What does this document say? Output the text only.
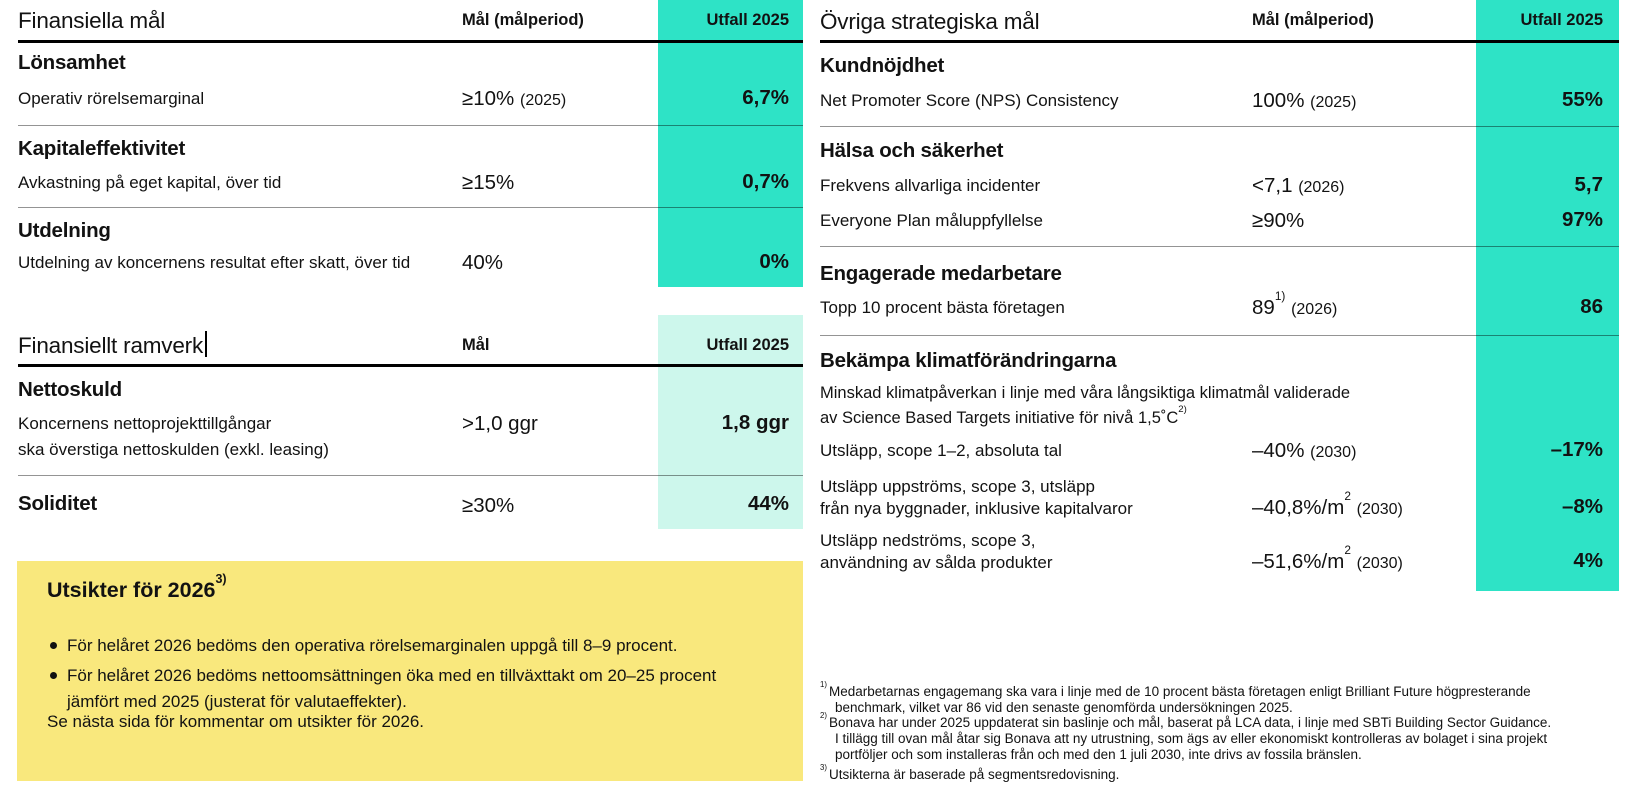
Finansiella mål	Mål (målperiod)	Utfall 2025
Lönsamhet
Operativ rörelsemarginal	≥10% (2025)	6,7%
Kapitaleffektivitet
Avkastning på eget kapital, över tid	≥15%	0,7%
Utdelning
Utdelning av koncernens resultat efter skatt, över tid	40%	0%
Finansiellt ramverk	Mål	Utfall 2025
Nettoskuld
Koncernens nettoprojekttillgångar
ska överstiga nettoskulden (exkl. leasing)
>1,0 ggr	1,8 ggr
Soliditet	≥30%	44%
Utsikter för 2026$^{3)}$
För helåret 2026 bedöms den operativa rörelsemarginalen uppgå till 8–9 procent.
För helåret 2026 bedöms nettoomsättningen öka med en tillväxttakt om 20–25 procent
jämfört med 2025 (justerat för valutaeffekter).
Se nästa sida för kommentar om utsikter för 2026.
Övriga strategiska mål	Mål (målperiod)	Utfall 2025
Kundnöjdhet
Net Promoter Score (NPS) Consistency	100% (2025)	55%
Hälsa och säkerhet
Frekvens allvarliga incidenter	<7,1 (2026)	5,7
Everyone Plan måluppfyllelse	≥90%	97%
Engagerade medarbetare
Topp 10 procent bästa företagen	89$^{1)}$ (2026)	86
Bekämpa klimatförändringarna
Minskad klimatpåverkan i linje med våra långsiktiga klimatmål validerade
av Science Based Targets initiative för nivå $1,5˚C^{2)}$
Utsläpp, scope 1–2, absoluta tal	–40% (2030)	–17%
Utsläpp uppströms, scope 3, utsläpp
från nya byggnader, inklusive kapitalvaror	$-40,8\%/m^2$ (2030)	–8%
Utsläpp nedströms, scope 3,
användning av sålda produkter	$-51,6\%/m^2$ (2030)	4%
$^{1)}$ Medarbetarnas engagemang ska vara i linje med de 10 procent bästa företagen enligt Brilliant Future högpresterande
benchmark, vilket var 86 vid den senaste genomförda undersökningen 2025.
$^{2)}$ Bonava har under 2025 uppdaterat sin baslinje och mål, baserat på LCA data, i linje med SBTi Building Sector Guidance.
I tillägg till ovan mål åtar sig Bonava att ny utrustning, som ägs av eller ekonomiskt kontrolleras av bolaget i sina projekt
portföljer och som installeras från och med den 1 juli 2030, inte drivs av fossila bränslen.
$^{3)}$ Utsikterna är baserade på segmentsredovisning.
